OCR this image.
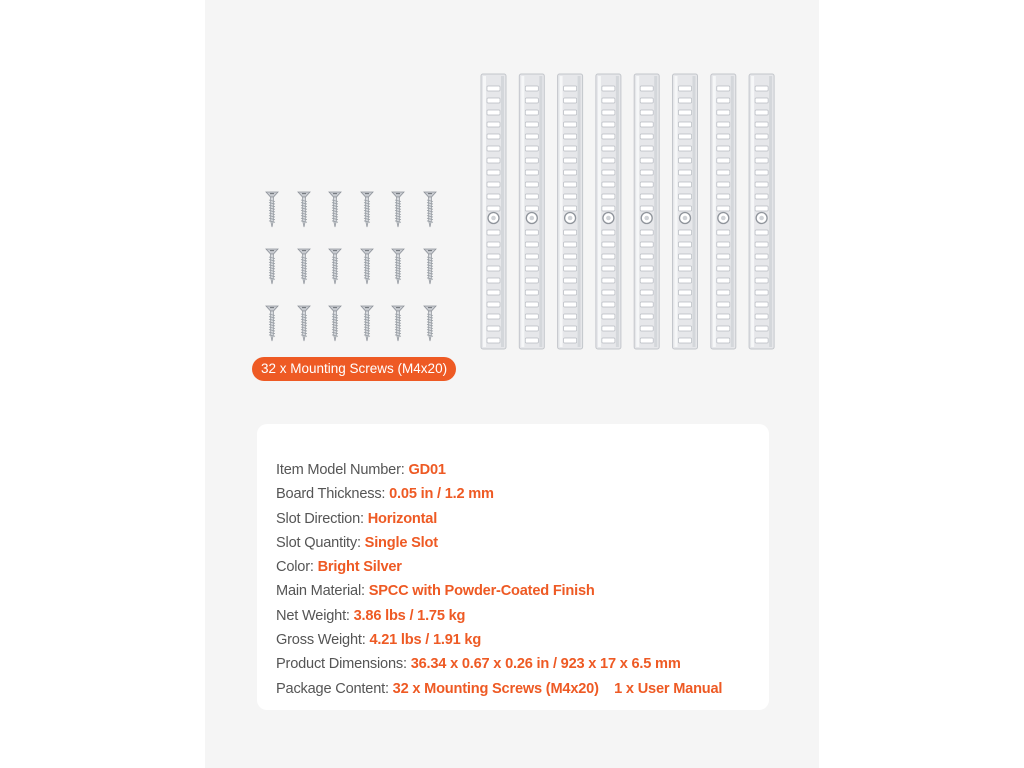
32 x Mounting Screws (M4x20)
Item Model Number: GD01
Board Thickness: 0.05 in / 1.2 mm
Slot Direction: Horizontal
Slot Quantity: Single Slot
Color: Bright Silver
Main Material: SPCC with Powder-Coated Finish
Net Weight: 3.86 lbs / 1.75 kg
Gross Weight: 4.21 lbs / 1.91 kg
Product Dimensions: 36.34 x 0.67 x 0.26 in / 923 x 17 x 6.5 mm
Package Content: 32 x Mounting Screws (M4x20)    1 x User Manual
